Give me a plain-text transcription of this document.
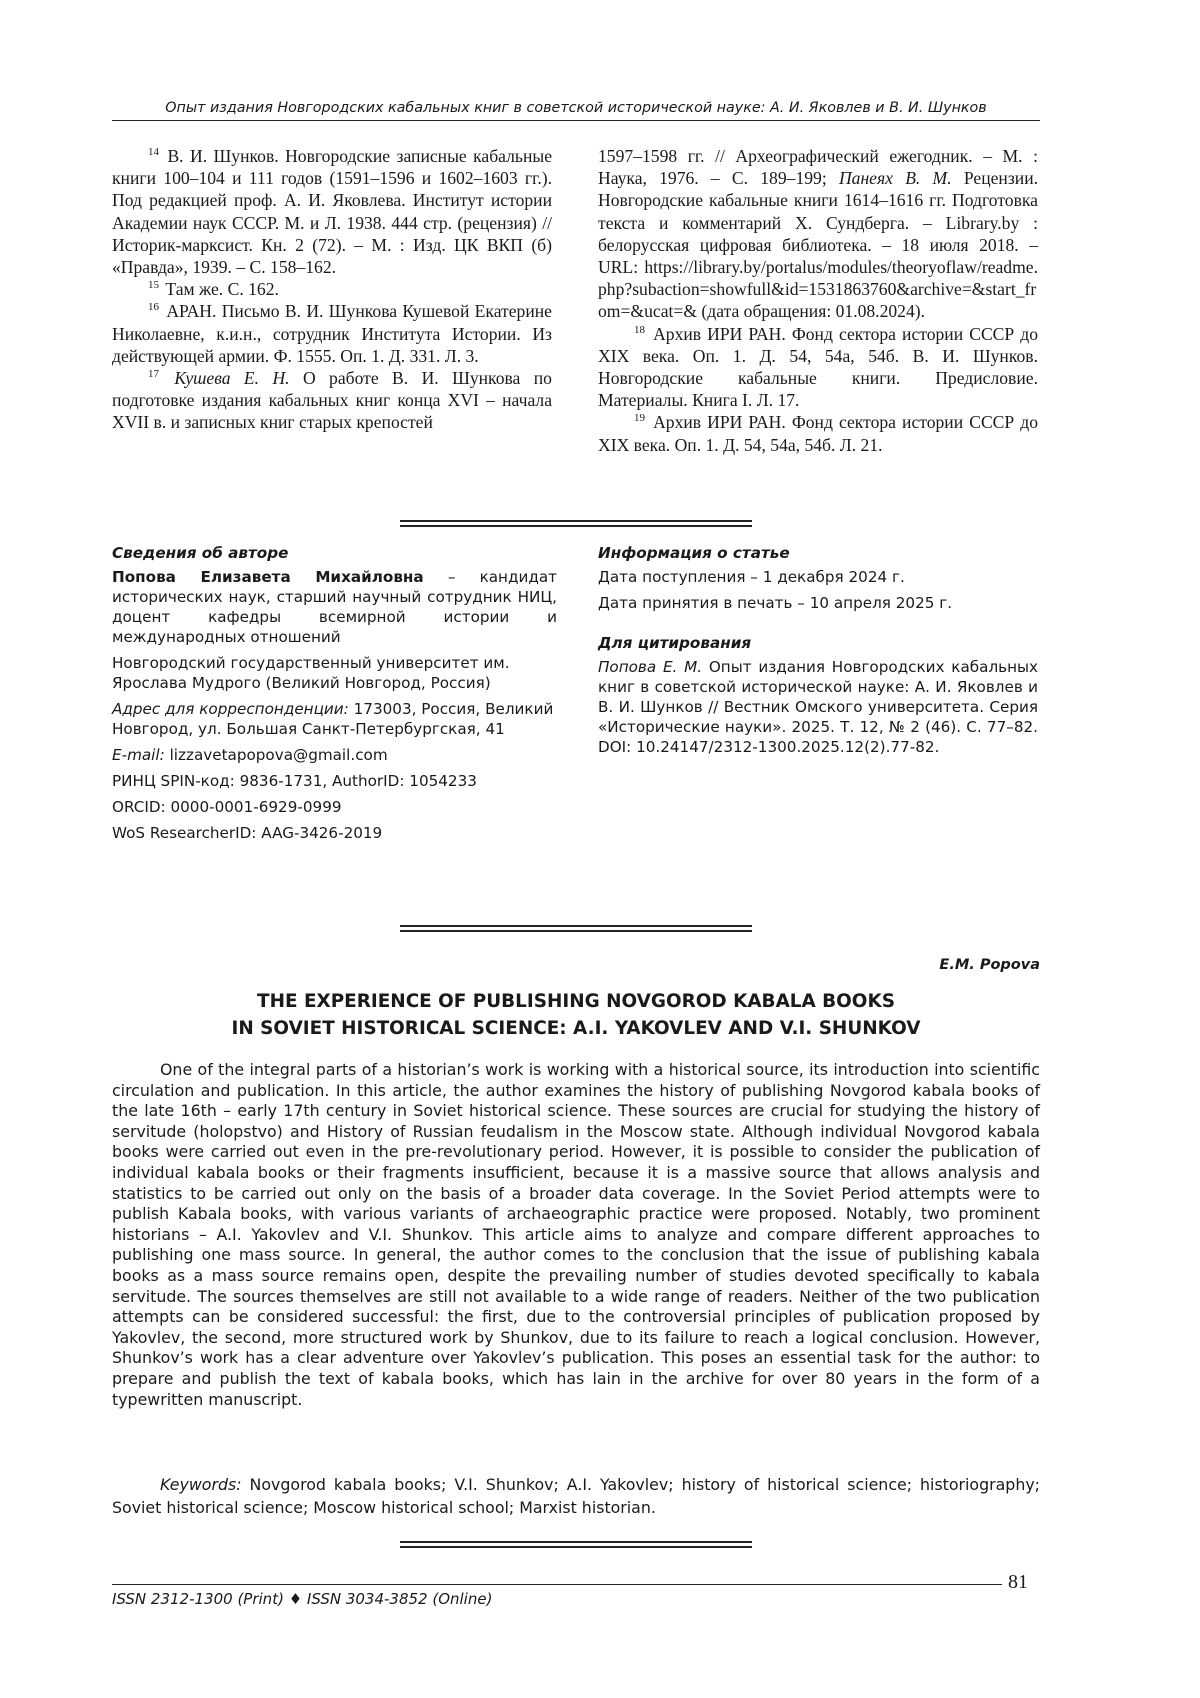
Опыт издания Новгородских кабальных книг в советской исторической науке: А. И. Яковлев и В. И. Шунков

$^{14}$ В. И. Шунков. Новгородские записные кабальные книги 100–104 и 111 годов (1591–1596 и 1602–1603 гг.). Под редакцией проф. А. И. Яковлева. Институт истории Академии наук СССР. М. и Л. 1938. 444 стр. (рецензия) // Историк-марксист. Кн. 2 (72). – М. : Изд. ЦК ВКП (б) «Правда», 1939. – С. 158–162.

$^{15}$ Там же. С. 162.

$^{16}$ АРАН. Письмо В. И. Шункова Кушевой Екатерине Николаевне, к.и.н., сотрудник Института Истории. Из действующей армии. Ф. 1555. Оп. 1. Д. 331. Л. 3.

$^{17}$ Кушева Е. Н. О работе В. И. Шункова по подготовке издания кабальных книг конца XVI – начала XVII в. и записных книг старых крепостей

1597–1598 гг. // Археографический ежегодник. – М. : Наука, 1976. – С. 189–199; Панеях В. М. Рецензии. Новгородские кабальные книги 1614–1616 гг. Подготовка текста и комментарий Х. Сундберга. – Library.by : белорусская цифровая библиотека. – 18 июля 2018. – URL: https://library.by/portalus/modules/theoryoflaw/readme.php?subaction=showfull&id=1531863760&archive=&start_from=&ucat=& (дата обращения: 01.08.2024).

$^{18}$ Архив ИРИ РАН. Фонд сектора истории СССР до XIX века. Оп. 1. Д. 54, 54а, 54б. В. И. Шунков. Новгородские кабальные книги. Предисловие. Материалы. Книга I. Л. 17.

$^{19}$ Архив ИРИ РАН. Фонд сектора истории СССР до XIX века. Оп. 1. Д. 54, 54а, 54б. Л. 21.

Сведения об авторе

Попова Елизавета Михайловна – кандидат исторических наук, старший научный сотрудник НИЦ, доцент кафедры всемирной истории и международных отношений

Новгородский государственный университет им. Ярослава Мудрого (Великий Новгород, Россия)

Адрес для корреспонденции: 173003, Россия, Великий Новгород, ул. Большая Санкт-Петербургская, 41

E-mail: lizzavetapopova@gmail.com

РИНЦ SPIN-код: 9836-1731, AuthorID: 1054233

ORCID: 0000-0001-6929-0999

WoS ResearcherID: AAG-3426-2019

Информация о статье

Дата поступления – 1 декабря 2024 г.

Дата принятия в печать – 10 апреля 2025 г.

Для цитирования

Попова Е. М. Опыт издания Новгородских кабальных книг в советской исторической науке: А. И. Яковлев и В. И. Шунков // Вестник Омского университета. Серия «Исторические науки». 2025. Т. 12, № 2 (46). С. 77–82. DOI: 10.24147/2312-1300.2025.12(2).77-82.

E.M. Popova
THE EXPERIENCE OF PUBLISHING NOVGOROD KABALA BOOKS
IN SOVIET HISTORICAL SCIENCE: A.I. YAKOVLEV AND V.I. SHUNKOV

One of the integral parts of a historian’s work is working with a historical source, its introduction into scientific circulation and publication. In this article, the author examines the history of publishing Novgorod kabala books of the late 16th – early 17th century in Soviet historical science. These sources are crucial for studying the history of servitude (holopstvo) and History of Russian feudalism in the Moscow state. Although individual Novgorod kabala books were carried out even in the pre-revolutionary period. However, it is possible to consider the publication of individual kabala books or their fragments insufficient, because it is a massive source that allows analysis and statistics to be carried out only on the basis of a broader data coverage. In the Soviet Period attempts were to publish Kabala books, with various variants of archaeographic practice were proposed. Notably, two prominent historians – A.I. Yakovlev and V.I. Shunkov. This article aims to analyze and compare different approaches to publishing one mass source. In general, the author comes to the conclusion that the issue of publishing kabala books as a mass source remains open, despite the prevailing number of studies devoted specifically to kabala servitude. The sources themselves are still not available to a wide range of readers. Neither of the two publication attempts can be considered successful: the first, due to the controversial principles of publication proposed by Yakovlev, the second, more structured work by Shunkov, due to its failure to reach a logical conclusion. However, Shunkov’s work has a clear adventure over Yakovlev’s publication. This poses an essential task for the author: to prepare and publish the text of kabala books, which has lain in the archive for over 80 years in the form of a typewritten manuscript.

Keywords: Novgorod kabala books; V.I. Shunkov; A.I. Yakovlev; history of historical science; historiography; Soviet historical science; Moscow historical school; Marxist historian.

ISSN 2312-1300 (Print) ♦ ISSN 3034-3852 (Online)
81
